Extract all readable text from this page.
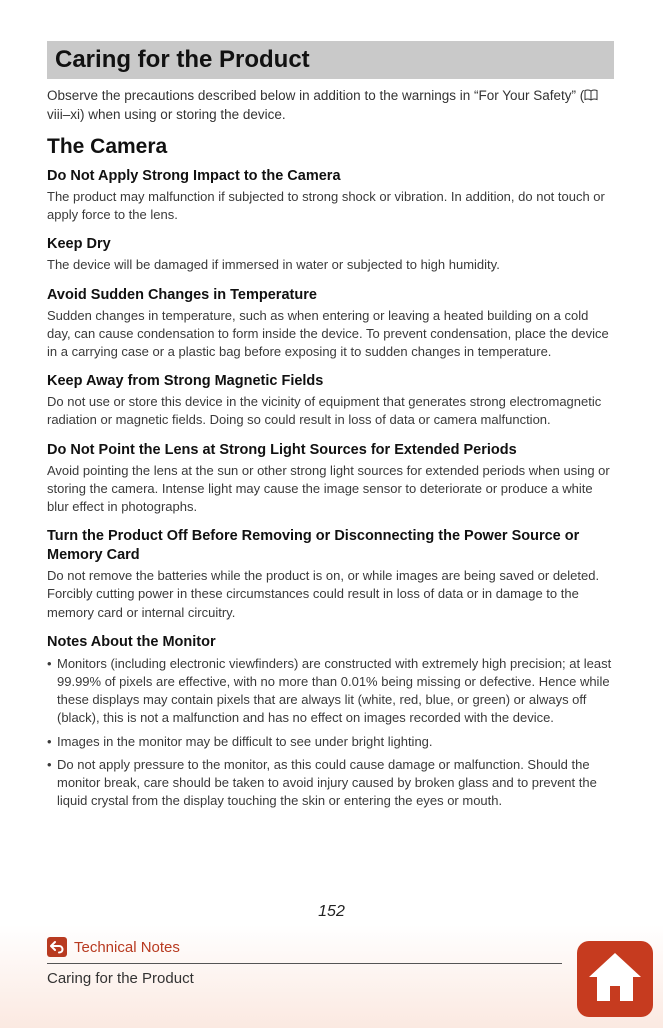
Caring for the Product

Observe the precautions described below in addition to the warnings in “For Your Safety” (viii–xi) when using or storing the device.

The Camera
Do Not Apply Strong Impact to the Camera

The product may malfunction if subjected to strong shock or vibration. In addition, do not touch or apply force to the lens.

Keep Dry

The device will be damaged if immersed in water or subjected to high humidity.

Avoid Sudden Changes in Temperature

Sudden changes in temperature, such as when entering or leaving a heated building on a cold day, can cause condensation to form inside the device. To prevent condensation, place the device in a carrying case or a plastic bag before exposing it to sudden changes in temperature.

Keep Away from Strong Magnetic Fields

Do not use or store this device in the vicinity of equipment that generates strong electromagnetic radiation or magnetic fields. Doing so could result in loss of data or camera malfunction.

Do Not Point the Lens at Strong Light Sources for Extended Periods

Avoid pointing the lens at the sun or other strong light sources for extended periods when using or storing the camera. Intense light may cause the image sensor to deteriorate or produce a white blur effect in photographs.

Turn the Product Off Before Removing or Disconnecting the Power Source or Memory Card

Do not remove the batteries while the product is on, or while images are being saved or deleted. Forcibly cutting power in these circumstances could result in loss of data or in damage to the memory card or internal circuitry.

Notes About the Monitor
• Monitors (including electronic viewfinders) are constructed with extremely high precision; at least 99.99% of pixels are effective, with no more than 0.01% being missing or defective. Hence while these displays may contain pixels that are always lit (white, red, blue, or green) or always off (black), this is not a malfunction and has no effect on images recorded with the device.
• Images in the monitor may be difficult to see under bright lighting.
• Do not apply pressure to the monitor, as this could cause damage or malfunction. Should the monitor break, care should be taken to avoid injury caused by broken glass and to prevent the liquid crystal from the display touching the skin or entering the eyes or mouth.
152
Technical Notes
Caring for the Product
